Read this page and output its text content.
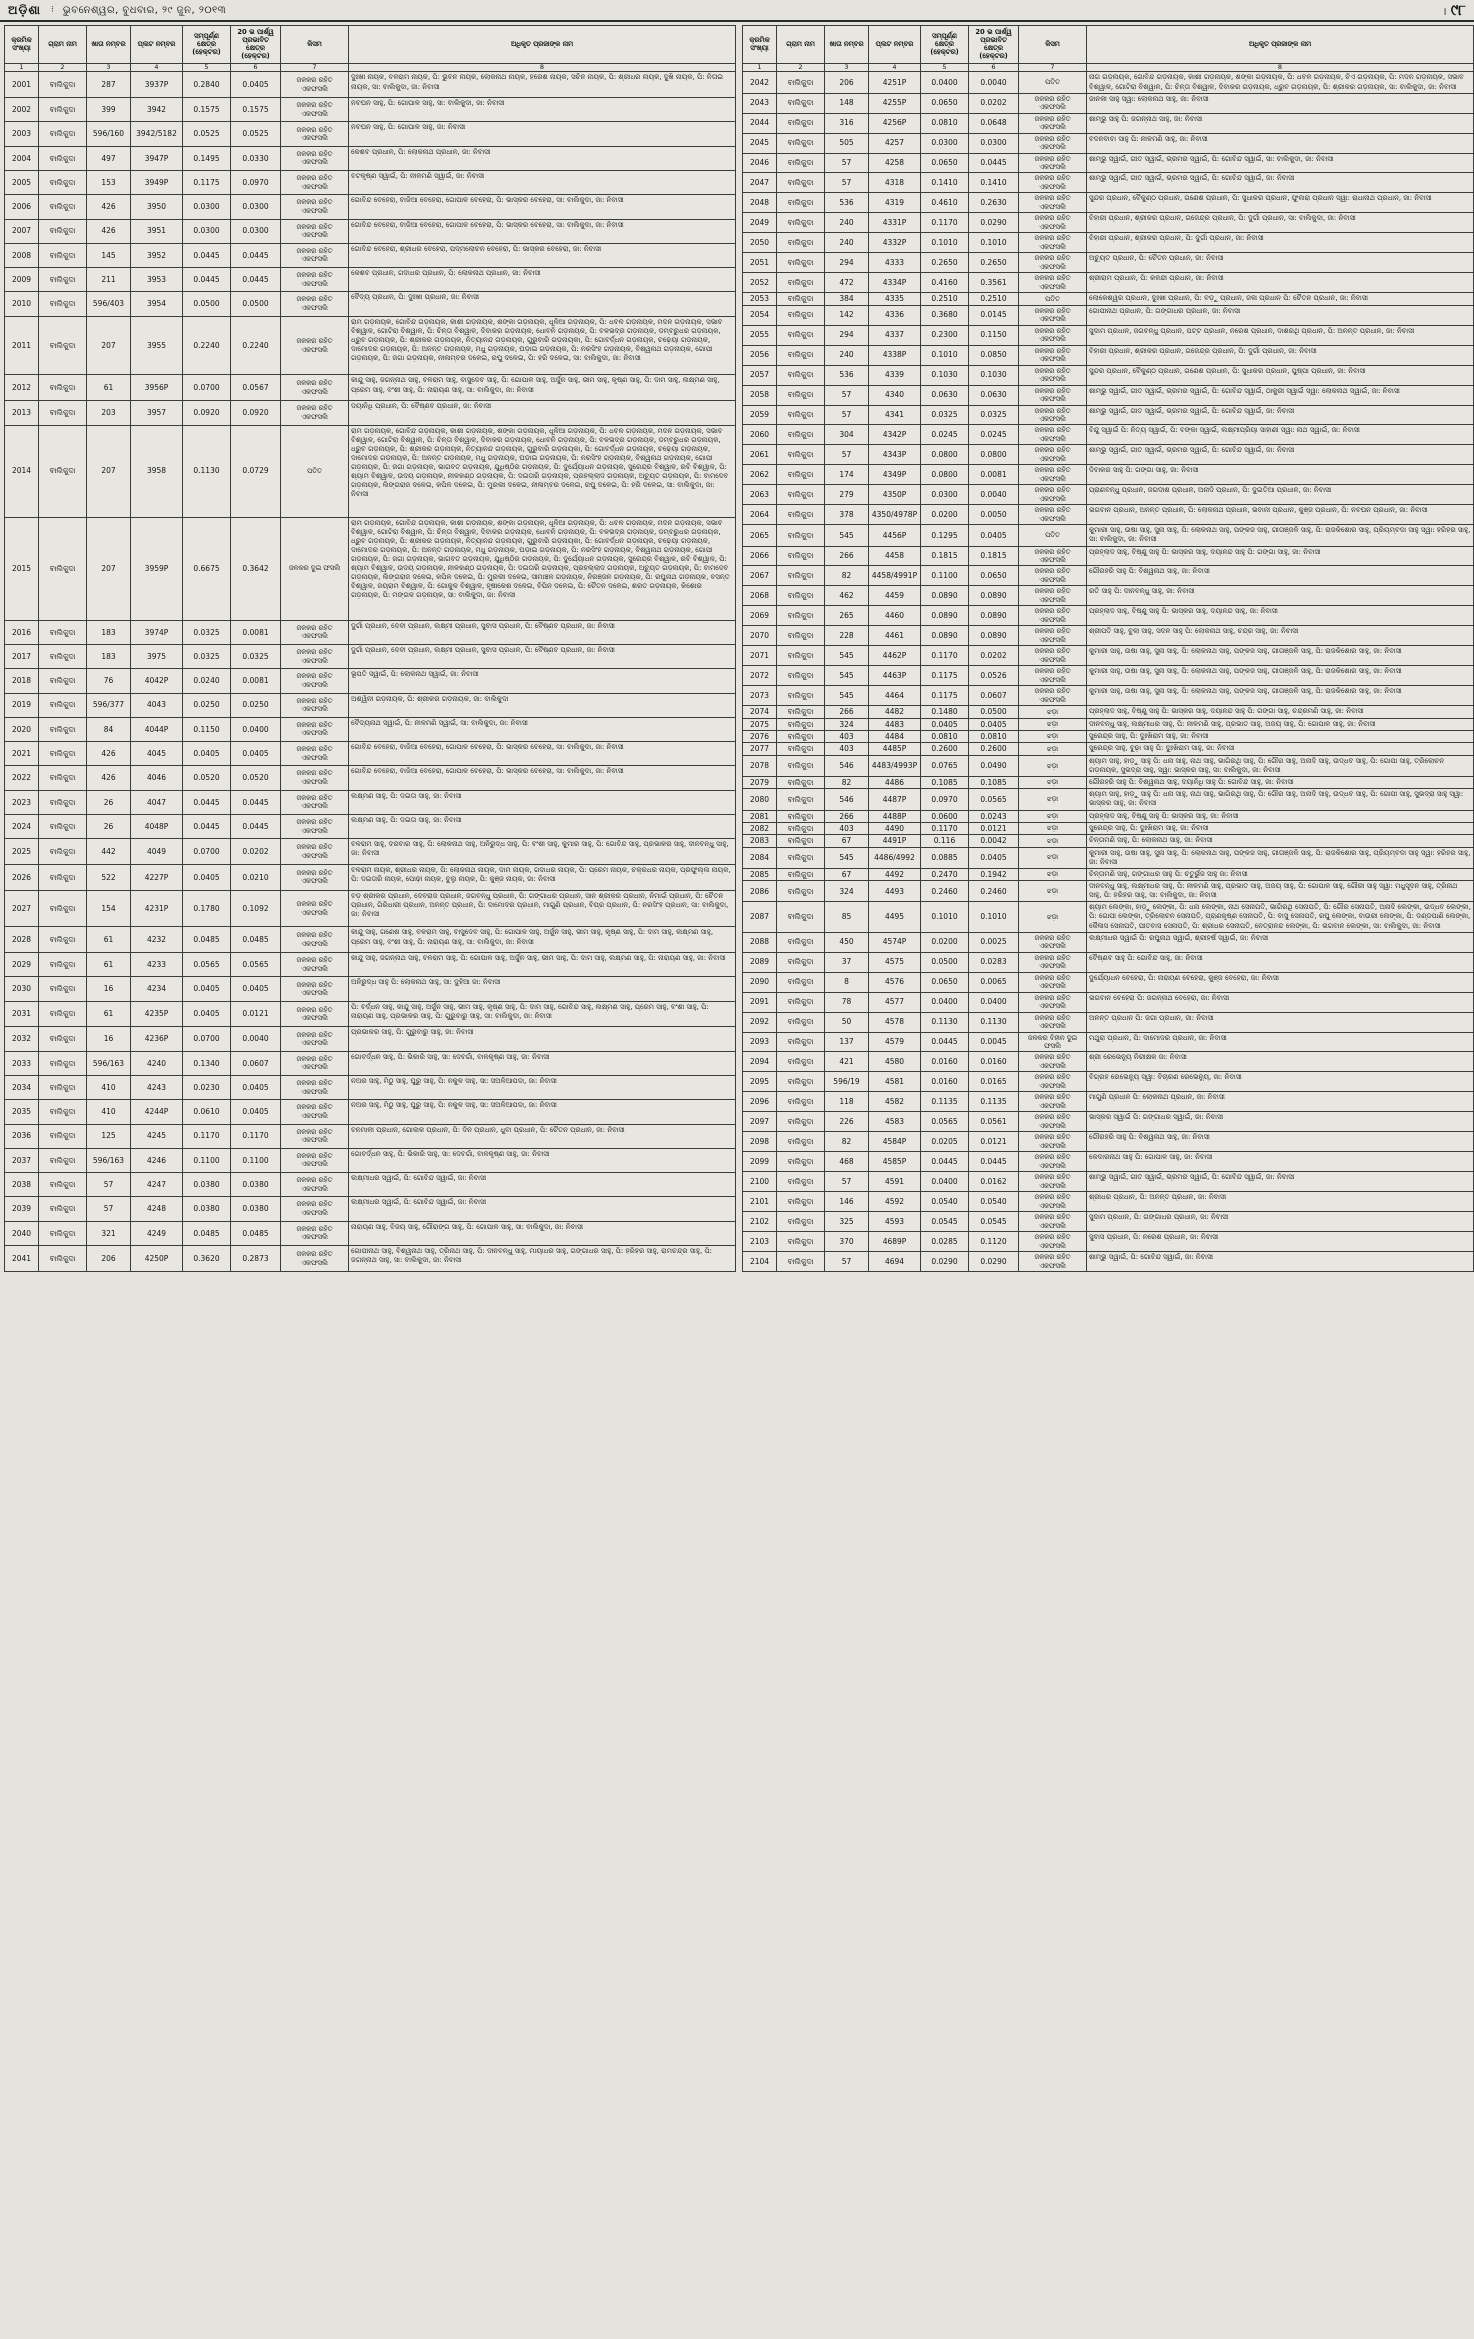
ଅଡ଼ିଶା ⁝ ଭୁବନେଶ୍ୱର, ବୁଧବାର, ୨୯ ଜୁନ, ୨୦୧୩	। ୯୮
କ୍ରମିକ ସଂଖ୍ୟା	ଗ୍ରାମ ନାମ	ଖାତା ନମ୍ବର	ପ୍ଲଟ ନମ୍ବର	ସମ୍ପୂର୍ଣ୍ଣ କ୍ଷେତ୍ର (ହେକ୍ଟର)	20 ଭ ପାର୍ଶ୍ୱ ପ୍ରଭାବିତ କ୍ଷେତ୍ର (ହେକ୍ଟର)	କିସମ	ଅଧିକୃତ ପ୍ରଜାଙ୍କ ନାମ
1	2	3	4	5	6	7	8
2001	ବାଲିକୁଦା	287	3937P	0.2840	0.0405	ଜଳକର ରହିତ ଏକଫସଲି	ଦୁଃଖୀ ନାୟକ, ବଳରାମ ନାୟକ, ପି: ଭୁବନ ନାୟକ, ଲୋକନାଥ ନାୟକ, ହରେଶ ନାୟକ, ସଚିନ ନାୟକ, ପି: ଶ୍ରୀଧର ନାୟକ, ଦୁଖି ନାୟକ, ପି: ନିତାଇ ନାୟକ, ସା: ବାଲିକୁଦା, ଜା: ନିବାସୀ
2002	ବାଲିକୁଦା	399	3942	0.1575	0.1575	ଜଳକର ରହିତ ଏକଫସଲି	ନବଘନ ସାହୁ, ପି: ଗୋପାଳ ସାହୁ, ସା: ବାଲିକୁଦା, ଜା: ନିବାସୀ
2003	ବାଲିକୁଦା	596/160	3942/5182	0.0525	0.0525	ଜଳକର ରହିତ ଏକଫସଲି	ନବଘନ ସାହୁ, ପି: ଗୋପାଳ ସାହୁ, ଜା: ନିବାସୀ
2004	ବାଲିକୁଦା	497	3947P	0.1495	0.0330	ଜଳକର ରହିତ ଏକଫସଲି	କେଶବ ପ୍ରଧାନ, ପି: ଲୋକନାଥ ପ୍ରଧାନ, ଜା: ନିବାସୀ
2005	ବାଲିକୁଦା	153	3949P	0.1175	0.0970	ଜଳକର ରହିତ ଏକଫସଲି	ବଟକୃଷ୍ଣ ସ୍ୱାଇଁ, ପି: ନୀଳମଣି ସ୍ୱାଇଁ, ଜା: ନିବାସୀ
2006	ବାଲିକୁଦା	426	3950	0.0300	0.0300	ଜଳକର ରହିତ ଏକଫସଲି	ଗୋବିନ୍ଦ ବେହେରା, ବାଜିଆ ବେହେରା, ଗୋପାଳ ବେହେରା, ପି: ଭାସ୍କର ବେହେରା, ସା: ବାଲିକୁଦା, ଜା: ନିବାସୀ
2007	ବାଲିକୁଦା	426	3951	0.0300	0.0300	ଜଳକର ରହିତ ଏକଫସଲି	ଗୋବିନ୍ଦ ବେହେରା, ବାଜିଆ ବେହେରା, ଗୋପାଳ ବେହେରା, ପି: ଭାସ୍କର ବେହେରା, ସା: ବାଲିକୁଦା, ଜା: ନିବାସୀ
2008	ବାଲିକୁଦା	145	3952	0.0445	0.0445	ଜଳକର ରହିତ ଏକଫସଲି	ଗୋବିନ୍ଦ ବେହେରା, ଶ୍ରୀଧର ବେହେରା, ପଦ୍ମଲୋଚନ ବେହେରା, ପି: ଭାସ୍କର ବେହେରା, ଜା: ନିବାସୀ
2009	ବାଲିକୁଦା	211	3953	0.0445	0.0445	ଜଳକର ରହିତ ଏକଫସଲି	କେଶବ ପ୍ରଧାନ, ଗଦାଧର ପ୍ରଧାନ, ପି: ଲୋକନାଥ ପ୍ରଧାନ, ଜା: ନିବାସୀ
2010	ବାଲିକୁଦା	596/403	3954	0.0500	0.0500	ଜଳକର ରହିତ ଏକଫସଲି	ବୈଦ୍ୟ ପ୍ରଧାନ, ପି: ଦୁଃଖୀ ପ୍ରଧାନ, ଜା: ନିବାସୀ
2011	ବାଲିକୁଦା	207	3955	0.2240	0.2240	ଜଳକର ରହିତ ଏକଫସଲି	ରାମ ଗଡ଼ନାୟକ, ଗୋବିନ୍ଦ ଗଡ଼ନାୟକ, କାଶୀ ଗଡ଼ନାୟକ, ଶଙ୍କା ଗଡ଼ନାୟକ, ଧୂଳିଆ ଗଡ଼ନାୟକ, ପି: ଧବଳ ଗଡ଼ନାୟକ, ମଦନ ଗଡ଼ନାୟକ, ସଭାବ ବିଶ୍ୱାଳ, ଗୋଟିରା ବିଶ୍ୱାଳ, ପି: ଚିନ୍ତା ବିଶ୍ୱାଳ, ଦିବାକର ଗଡ଼ନାୟକ, ଧୋବନି ଗଡ଼ନାୟକ, ପି: ବଳଭଦ୍ର ଗଡ଼ନାୟକ, ଡମ୍ବରୁଧର ଗଡ଼ନାୟକ, ଧ୍ରୁବ ଗଡ଼ନାୟକ, ପି: ଶ୍ରୀକର ଗଡ଼ନାୟକ, ନିତ୍ୟାନନ୍ଦ ଗଡ଼ନାୟକ, ଗୁରୁବାରି ଗଡ଼ନାୟକା, ପି: ଗୋବର୍ଦ୍ଧନ ଗଡ଼ନାୟକ, ଚଢ଼େୟା ଗଡ଼ନାୟକ, ଦାମୋଦର ଗଡ଼ନାୟକ, ପି: ଅନନ୍ତ ଗଡ଼ନାୟକ, ମଧୁ ଗଡ଼ନାୟକ, ଘଡ଼ାଇ ଗଡ଼ନାୟକ, ପି: ନରସିଂହ ଗଡ଼ନାୟକ, ବିଶ୍ୱନାଥ ଗଡ଼ନାୟକ, ଗୋପୀ ଗଡ଼ନାୟକ, ପି: ଜଗା ଗଡ଼ନାୟକ, ନୀଳାମ୍ବର ଦଳେଇ, ରଘୁ ଦଳେଇ, ପି: ହରି ଦଳେଇ, ସା: ବାଲିକୁଦା, ଜା: ନିବାସୀ
2012	ବାଲିକୁଦା	61	3956P	0.0700	0.0567	ଜଳକର ରହିତ ଏକଫସଲି	କାନ୍ଦୁ ସାହୁ, ଜଗନ୍ନାଥ ସାହୁ, ବଳରାମ ସାହୁ, ବାସୁଦେବ ସାହୁ, ପି: ଗୋପାଳ ସାହୁ, ଅର୍ଜୁନ ସାହୁ, ଭୀମ ସାହୁ, କୃଷ୍ଣ ସାହୁ, ପି: ଦାମ ସାହୁ, ଲକ୍ଷ୍ମଣ ସାହୁ, ପ୍ରେମ ସାହୁ, ବଂଶୀ ସାହୁ, ପି: ନାରାୟଣ ସାହୁ, ସା: ବାଲିକୁଦା, ଜା: ନିବାସୀ
2013	ବାଲିକୁଦା	203	3957	0.0920	0.0920	ଜଳକର ରହିତ ଏକଫସଲି	ଦୟାନିଧି ପ୍ରଧାନ, ପି: ବୈଷ୍ଣବ ପ୍ରଧାନ, ଜା: ନିବାସୀ
2014	ବାଲିକୁଦା	207	3958	0.1130	0.0729	ପତିତ	ରାମ ଗଡ଼ନାୟକ, ଗୋବିନ୍ଦ ଗଡ଼ନାୟକ, କାଶୀ ଗଡ଼ନାୟକ, ଶଙ୍କା ଗଡ଼ନାୟକ, ଧୂଳିଆ ଗଡ଼ନାୟକ, ପି: ଧବଳ ଗଡ଼ନାୟକ, ମଦନ ଗଡ଼ନାୟକ, ସଭାବ ବିଶ୍ୱାଳ, ଗୋଟିରା ବିଶ୍ୱାଳ, ପି: ଚିନ୍ତା ବିଶ୍ୱାଳ, ଦିବାକର ଗଡ଼ନାୟକ, ଧୋବନି ଗଡ଼ନାୟକ, ପି: ବଳଭଦ୍ର ଗଡ଼ନାୟକ, ଡମ୍ବରୁଧର ଗଡ଼ନାୟକ, ଧ୍ରୁବ ଗଡ଼ନାୟକ, ପି: ଶ୍ରୀକର ଗଡ଼ନାୟକ, ନିତ୍ୟାନନ୍ଦ ଗଡ଼ନାୟକ, ଗୁରୁବାରି ଗଡ଼ନାୟକା, ପି: ଗୋବର୍ଦ୍ଧନ ଗଡ଼ନାୟକ, ଚଢ଼େୟା ଗଡ଼ନାୟକ, ଦାମୋଦର ଗଡ଼ନାୟକ, ପି: ଅନନ୍ତ ଗଡ଼ନାୟକ, ମଧୁ ଗଡ଼ନାୟକ, ଘଡ଼ାଇ ଗଡ଼ନାୟକ, ପି: ନରସିଂହ ଗଡ଼ନାୟକ, ବିଶ୍ୱନାଥ ଗଡ଼ନାୟକ, ଗୋପୀ ଗଡ଼ନାୟକ, ପି: ଜଗା ଗଡ଼ନାୟକ, ଭାଗବତ ଗଡ଼ନାୟକ, ଯୁଧିଷ୍ଠିର ଗଡ଼ନାୟକ, ପି: ଦୁର୍ଯ୍ୟୋଧନ ଗଡ଼ନାୟକ, ସୁରେନ୍ଦ୍ର ବିଶ୍ୱାଳ, ରବି ବିଶ୍ୱାଳ, ପି: ଶ୍ୟାମ ବିଶ୍ୱାଳ, ଉଦୟ ଗଡ଼ନାୟକ, ନୀଳକଣ୍ଠ ଗଡ଼ନାୟକ, ପି: ଦଇତାରି ଗଡ଼ନାୟକ, ପ୍ରହଲ୍ଲାଦ ଗଡ଼ନାୟକ, ଅଚ୍ୟୁତ ଗଡ଼ନାୟକ, ପି: ବାମଦେବ ଗଡ଼ନାୟକ, ଲିଙ୍ଗରାଜ ଦଳେଇ, କପିଳ ଦଳେଇ, ପି: ମୁରଲୀ ଦଳେଇ, ନୀଳାମ୍ବର ଦଳେଇ, ରଘୁ ଦଳେଇ, ପି: ହରି ଦଳେଇ, ସା: ବାଲିକୁଦା, ଜା: ନିବାସୀ
2015	ବାଲିକୁଦା	207	3959P	0.6675	0.3642	ଜଳକର ଦୁଇ ଫସଲି	ରାମ ଗଡ଼ନାୟକ, ଗୋବିନ୍ଦ ଗଡ଼ନାୟକ, କାଶୀ ଗଡ଼ନାୟକ, ଶଙ୍କା ଗଡ଼ନାୟକ, ଧୂଳିଆ ଗଡ଼ନାୟକ, ପି: ଧବଳ ଗଡ଼ନାୟକ, ମଦନ ଗଡ଼ନାୟକ, ସଭାବ ବିଶ୍ୱାଳ, ଗୋଟିରା ବିଶ୍ୱାଳ, ପି: ଚିନ୍ତା ବିଶ୍ୱାଳ, ଦିବାକର ଗଡ଼ନାୟକ, ଧୋବନି ଗଡ଼ନାୟକ, ପି: ବଳଭଦ୍ର ଗଡ଼ନାୟକ, ଡମ୍ବରୁଧର ଗଡ଼ନାୟକ, ଧ୍ରୁବ ଗଡ଼ନାୟକ, ପି: ଶ୍ରୀକର ଗଡ଼ନାୟକ, ନିତ୍ୟାନନ୍ଦ ଗଡ଼ନାୟକ, ଗୁରୁବାରି ଗଡ଼ନାୟକା, ପି: ଗୋବର୍ଦ୍ଧନ ଗଡ଼ନାୟକ, ଚଢ଼େୟା ଗଡ଼ନାୟକ, ଦାମୋଦର ଗଡ଼ନାୟକ, ପି: ଅନନ୍ତ ଗଡ଼ନାୟକ, ମଧୁ ଗଡ଼ନାୟକ, ଘଡ଼ାଇ ଗଡ଼ନାୟକ, ପି: ନରସିଂହ ଗଡ଼ନାୟକ, ବିଶ୍ୱନାଥ ଗଡ଼ନାୟକ, ଗୋପୀ ଗଡ଼ନାୟକ, ପି: ଜଗା ଗଡ଼ନାୟକ, ଭାଗବତ ଗଡ଼ନାୟକ, ଯୁଧିଷ୍ଠିର ଗଡ଼ନାୟକ, ପି: ଦୁର୍ଯ୍ୟୋଧନ ଗଡ଼ନାୟକ, ସୁରେନ୍ଦ୍ର ବିଶ୍ୱାଳ, ରବି ବିଶ୍ୱାଳ, ପି: ଶ୍ୟାମ ବିଶ୍ୱାଳ, ଉଦୟ ଗଡ଼ନାୟକ, ନୀଳକଣ୍ଠ ଗଡ଼ନାୟକ, ପି: ଦଇତାରି ଗଡ଼ନାୟକ, ପ୍ରହଲ୍ଲାଦ ଗଡ଼ନାୟକ, ଅଚ୍ୟୁତ ଗଡ଼ନାୟକ, ପି: ବାମଦେବ ଗଡ଼ନାୟକ, ଲିଙ୍ଗରାଜ ଦଳେଇ, କପିଳ ଦଳେଇ, ପି: ମୁରଲୀ ଦଳେଇ, ସୀମାଞ୍ଚଳ ଗଡ଼ନାୟକ, ନିରଞ୍ଜନ ଗଡ଼ନାୟକ, ପି: ରଘୁନାଥ ଗଡ଼ନାୟକ, ବସନ୍ତ ବିଶ୍ୱାଳ, ଜୟରାମ ବିଶ୍ୱାଳ, ପି: ଗୋକୁଳ ବିଶ୍ୱାଳ, ହୃଷୀକେଶ ଦଳେଇ, ବିପିନ ଦଳେଇ, ପି: ଚୈତନ ଦଳେଇ, ଶରତ ଗଡ଼ନାୟକ, କିଶୋର ଗଡ଼ନାୟକ, ପି: ମଙ୍ଗଳ ଗଡ଼ନାୟକ, ସା: ବାଲିକୁଦା, ଜା: ନିବାସୀ
2016	ବାଲିକୁଦା	183	3974P	0.0325	0.0081	ଜଳକର ରହିତ ଏକଫସଲି	ଦୁର୍ଗା ପ୍ରଧାନ, ଦେବୀ ପ୍ରଧାନ, ଲକ୍ଷ୍ମୀ ପ୍ରଧାନ, ସୁବାସ ପ୍ରଧାନ, ପି: ବୈଷ୍ଣବ ପ୍ରଧାନ, ଜା: ନିବାସୀ
2017	ବାଲିକୁଦା	183	3975	0.0325	0.0325	ଜଳକର ରହିତ ଏକଫସଲି	ଦୁର୍ଗା ପ୍ରଧାନ, ଦେବୀ ପ୍ରଧାନ, ଲକ୍ଷ୍ମୀ ପ୍ରଧାନ, ସୁବାସ ପ୍ରଧାନ, ପି: ବୈଷ୍ଣବ ପ୍ରଧାନ, ଜା: ନିବାସୀ
2018	ବାଲିକୁଦା	76	4042P	0.0240	0.0081	ଜଳକର ରହିତ ଏକଫସଲି	ଭୂପତି ସ୍ୱାଇଁ, ପି: ଲୋକନାଥ ସ୍ୱାଇଁ, ଜା: ନିବାସୀ
2019	ବାଲିକୁଦା	596/377	4043	0.0250	0.0250	ଜଳକର ରହିତ ଏକଫସଲି	ଅଶ୍ୱିନୀ ଗଡ଼ନାୟକ, ପି: ଶ୍ରୀକର ଗଡ଼ନାୟକ, ଜା: ବାଲିକୁଦା
2020	ବାଲିକୁଦା	84	4044P	0.1150	0.0400	ଜଳକର ରହିତ ଏକଫସଲି	ବୈଦ୍ୟନାଥ ସ୍ୱାଇଁ, ପି: ନୀଳମଣି ସ୍ୱାଇଁ, ସା: ବାଲିକୁଦା, ଜା: ନିବାସୀ
2021	ବାଲିକୁଦା	426	4045	0.0405	0.0405	ଜଳକର ରହିତ ଏକଫସଲି	ଗୋବିନ୍ଦ ବେହେରା, ବାଜିଆ ବେହେରା, ଗୋପାଳ ବେହେରା, ପି: ଭାସ୍କର ବେହେରା, ସା: ବାଲିକୁଦା, ଜା: ନିବାସୀ
2022	ବାଲିକୁଦା	426	4046	0.0520	0.0520	ଜଳକର ରହିତ ଏକଫସଲି	ଗୋବିନ୍ଦ ବେହେରା, ବାଜିଆ ବେହେରା, ଗୋପାଳ ବେହେରା, ପି: ଭାସ୍କର ବେହେରା, ସା: ବାଲିକୁଦା, ଜା: ନିବାସୀ
2023	ବାଲିକୁଦା	26	4047	0.0445	0.0445	ଜଳକର ରହିତ ଏକଫସଲି	ଲକ୍ଷ୍ମଣ ସାହୁ, ପି: ଦଇତା ସାହୁ, ଜା: ନିବାସୀ
2024	ବାଲିକୁଦା	26	4048P	0.0445	0.0445	ଜଳକର ରହିତ ଏକଫସଲି	ଲକ୍ଷ୍ମଣ ସାହୁ, ପି: ଦଇତା ସାହୁ, ଜା: ନିବାସୀ
2025	ବାଲିକୁଦା	442	4049	0.0700	0.0202	ଜଳକର ରହିତ ଏକଫସଲି	ବଳରାମ ସାହୁ, ଦରବାର ସାହୁ, ପି: ଲୋକନାଥ ସାହୁ, ଅନିରୁଦ୍ଧ ସାହୁ, ପି: ବଂଶୀ ସାହୁ, କୁମାର ସାହୁ, ପି: ଗୋବିନ୍ଦ ସାହୁ, ପ୍ରଭାକର ସାହୁ, ଦୀନବନ୍ଧୁ ସାହୁ, ଜା: ନିବାସୀ
2026	ବାଲିକୁଦା	522	4227P	0.0405	0.0210	ଜଳକର ରହିତ ଏକଫସଲି	ବଳରାମ ନାୟକ, ଶ୍ରୀଧର ନାୟକ, ପି: ଲୋକନାଥ ନାୟକ, ଦାମ ନାୟକ, ଗଦାଧର ନାୟକ, ପି: ପ୍ରେମ ନାୟକ, ଚକ୍ରଧର ନାୟକ, ପ୍ରଫୁଲ୍ଲ ନାୟକ, ପି: ଦଇତାରି ନାୟକ, ପୋଢ଼ୀ ନାୟକ, ବୁଲୁ ନାୟକ, ପି: କୁଞ୍ଜ ନାୟକ, ଜା: ନିବାସୀ
2027	ବାଲିକୁଦା	154	4231P	0.1780	0.1092	ଜଳକର ରହିତ ଏକଫସଲି	ବଡ଼ ଶ୍ରୀକର ପ୍ରଧାନ, ଦେବରାଜ ପ୍ରଧାନ, ଜଗବନ୍ଧୁ ପ୍ରଧାନ, ପି: ଗଙ୍ଗାଧର ପ୍ରଧାନ, ସାନ ଶ୍ରୀକର ପ୍ରଧାନ, ନିମାଇଁ ପ୍ରଧାନ, ପି: ଚୈତନ ପ୍ରଧାନ, ଗିରିଧାରୀ ପ୍ରଧାନ, ଅନନ୍ତ ପ୍ରଧାନ, ପି: ଦାମୋଦର ପ୍ରଧାନ, ମାଗୁଣି ପ୍ରଧାନ, ବିପ୍ର ପ୍ରଧାନ, ପି: ନରସିଂହ ପ୍ରଧାନ, ସା: ବାଲିକୁଦା, ଜା: ନିବାସୀ
2028	ବାଲିକୁଦା	61	4232	0.0485	0.0485	ଜଳକର ରହିତ ଏକଫସଲି	କାନ୍ଦୁ ସାହୁ, ଗଣେଶ ସାହୁ, ବଳରାମ ସାହୁ, ବାସୁଦେବ ସାହୁ, ପି: ଗୋପାଳ ସାହୁ, ଅର୍ଜୁନ ସାହୁ, ଭୀମ ସାହୁ, କୃଷ୍ଣ ସାହୁ, ପି: ଦାମ ସାହୁ, ଲକ୍ଷ୍ମଣ ସାହୁ, ପ୍ରେମ ସାହୁ, ବଂଶୀ ସାହୁ, ପି: ନାରାୟଣ ସାହୁ, ସା: ବାଲିକୁଦା, ଜା: ନିବାସୀ
2029	ବାଲିକୁଦା	61	4233	0.0565	0.0565	ଜଳକର ରହିତ ଏକଫସଲି	କାନ୍ଦୁ ସାହୁ, ଜଗନ୍ନାଥ ସାହୁ, ବଳରାମ ସାହୁ, ପି: ଗୋପାଳ ସାହୁ, ଅର୍ଜୁନ ସାହୁ, ଭୀମ ସାହୁ, ପି: ଦାମ ସାହୁ, ଲକ୍ଷ୍ମଣ ସାହୁ, ପି: ନାରାୟଣ ସାହୁ, ଜା: ନିବାସୀ
2030	ବାଲିକୁଦା	16	4234	0.0405	0.0405	ଜଳକର ରହିତ ଏକଫସଲି	ଅନିରୁଦ୍ଧ ସାହୁ ପି: ଲୋକନାଥ ସାହୁ, ସା: ଦୁହିଆ ଜା: ନିବାସୀ
2031	ବାଲିକୁଦା	61	4235P	0.0405	0.0121	ଜଳକର ରହିତ ଏକଫସଲି	ପି: ବର୍ଦ୍ଧନ ସାହୁ, କାନ୍ଦୁ ସାହୁ, ଅର୍ଜୁନ ସାହୁ, ଭୀମ ସାହୁ, କୃଷ୍ଣ ସାହୁ, ପି: ଦାମ ସାହୁ, ଗୋବିନ୍ଦ ସାହୁ, ଲକ୍ଷ୍ମଣ ସାହୁ, ପ୍ରେମ ସାହୁ, ବଂଶୀ ସାହୁ, ପି: ନାରାୟଣ ସାହୁ, ପ୍ରଭାକର ସାହୁ, ପି: ଗୁରୁବାରୁ ସାହୁ, ସା: ବାଲିକୁଦା, ଜା: ନିବାସୀ
2032	ବାଲିକୁଦା	16	4236P	0.0700	0.0040	ଜଳକର ରହିତ ଏକଫସଲି	ପ୍ରଭାକର ସାହୁ, ପି: ଗୁରୁବାରୁ ସାହୁ, ଜା: ନିବାସୀ
2033	ବାଲିକୁଦା	596/163	4240	0.1340	0.0607	ଜଳକର ରହିତ ଏକଫସଲି	ଗୋବର୍ଦ୍ଧନ ସାହୁ, ପି: ଭିକାରି ସାହୁ, ସା: ଦେବଗାଁ, ବାଳକୃଷ୍ଣ ସାହୁ, ଜା: ନିବାସୀ
2034	ବାଲିକୁଦା	410	4243	0.0230	0.0405	ଜଳକର ରହିତ ଏକଫସଲି	ନଅର ସାହୁ, ମିଠୁ ସାହୁ, ଘୁରୁ ସାହୁ, ପି: ନକୁଳ ସାହୁ, ସା: ସଅଳିଆପଦା, ଜା: ନିବାସୀ
2035	ବାଲିକୁଦା	410	4244P	0.0610	0.0405	ଜଳକର ରହିତ ଏକଫସଲି	ନଅର ସାହୁ, ମିଠୁ ସାହୁ, ଘୁରୁ ସାହୁ, ପି: ନକୁଳ ସାହୁ, ସା: ସଅଳିଆପଦା, ଜା: ନିବାସୀ
2036	ବାଲିକୁଦା	125	4245	0.1170	0.1170	ଜଳକର ରହିତ ଏକଫସଲି	ବନମାଳୀ ପ୍ରଧାନ, ଗୋଲକ ପ୍ରଧାନ, ପି: ଦିନ ପ୍ରଧାନ, ଧୁବା ପ୍ରଧାନ, ପି: ଚୈତନ ପ୍ରଧାନ, ଜା: ନିବାସୀ
2037	ବାଲିକୁଦା	596/163	4246	0.1100	0.1100	ଜଳକର ରହିତ ଏକଫସଲି	ଗୋବର୍ଦ୍ଧନ ସାହୁ, ପି: ଭିକାରି ସାହୁ, ସା: ଦେବଗାଁ, ବାଳକୃଷ୍ଣ ସାହୁ, ଜା: ନିବାସୀ
2038	ବାଲିକୁଦା	57	4247	0.0380	0.0380	ଜଳକର ରହିତ ଏକଫସଲି	ଲକ୍ଷ୍ମୀଧର ସ୍ୱାଇଁ, ପି: ଗୋବିନ୍ଦ ସ୍ୱାଇଁ, ଜା: ନିବାସୀ
2039	ବାଲିକୁଦା	57	4248	0.0380	0.0380	ଜଳକର ରହିତ ଏକଫସଲି	ଲକ୍ଷ୍ମୀଧର ସ୍ୱାଇଁ, ପି: ଗୋବିନ୍ଦ ସ୍ୱାଇଁ, ଜା: ନିବାସୀ
2040	ବାଲିକୁଦା	321	4249	0.0485	0.0485	ଜଳକର ରହିତ ଏକଫସଲି	ନାରାୟଣ ସାହୁ, ବିଜୟ ସାହୁ, ଗୌରାଙ୍ଗ ସାହୁ, ପି: ଗୋପାଳ ସାହୁ, ସା: ବାଲିକୁଦା, ଜା: ନିବାସୀ
2041	ବାଲିକୁଦା	206	4250P	0.3620	0.2873	ଜଳକର ରହିତ ଏକଫସଲି	ଗୋପୀନାଥ ସାହୁ, ବିଶ୍ୱନାଥ ସାହୁ, ତ୍ରିନାଥ ସାହୁ, ପି: ଦୀନବନ୍ଧୁ ସାହୁ, ମାୟାଧର ସାହୁ, ଗଙ୍ଗାଧର ସାହୁ, ପି: ହରିହର ସାହୁ, ରାମଚନ୍ଦ୍ର ସାହୁ, ପି: ଜଗନ୍ନାଥ ସାହୁ, ସା: ବାଲିକୁଦା, ଜା: ନିବାସୀ
କ୍ରମିକ ସଂଖ୍ୟା	ଗ୍ରାମ ନାମ	ଖାତା ନମ୍ବର	ପ୍ଲଟ ନମ୍ବର	ସମ୍ପୂର୍ଣ୍ଣ କ୍ଷେତ୍ର (ହେକ୍ଟର)	20 ଭ ପାର୍ଶ୍ୱ ପ୍ରଭାବିତ କ୍ଷେତ୍ର (ହେକ୍ଟର)	କିସମ	ଅଧିକୃତ ପ୍ରଜାଙ୍କ ନାମ
1	2	3	4	5	6	7	8
2042	ବାଲିକୁଦା	206	4251P	0.0400	0.0040	ପତିତ	ନାଗ ଗଡ଼ନାୟକ, ଗୋବିନ୍ଦ ଗଡ଼ନାୟକ, କାଶୀ ଗଡ଼ନାୟକ, ଶଙ୍କା ଗଡ଼ନାୟକ, ପି: ଧବଳ ଗଡ଼ନାୟକ, ଚିଏ ଗଡ଼ନାୟକ, ପି: ମଦନ ଗଡ଼ନାୟକ, ସଭାବ ବିଶ୍ୱାଳ, ଗୋଟିରା ବିଶ୍ୱାଳ, ପି: ଚିନ୍ତା ବିଶ୍ୱାଳ, ଦିବାକର ଗଡ଼ନାୟକ, ଧ୍ରୁବ ଗଡ଼ନାୟକ, ପି: ଶ୍ରୀକର ଗଡ଼ନାୟକ, ସା: ବାଲିକୁଦା, ଜା: ନିବାସୀ
2043	ବାଲିକୁଦା	148	4255P	0.0650	0.0202	ଜଳକର ରହିତ ଏକଫସଲି	ଜାନକୀ ସାହୁ ସ୍ୱା: ଲୋକନାଥ ସାହୁ, ଜା: ନିବାସୀ
2044	ବାଲିକୁଦା	316	4256P	0.0810	0.0648	ଜଳକର ରହିତ ଏକଫସଲି	ଶାମ୍ଭୁ ସାହୁ ପି: ଜଗନ୍ନାଥ ସାହୁ, ଜା: ନିବାସୀ
2045	ବାଲିକୁଦା	505	4257	0.0300	0.0300	ଜଳକର ରହିତ ଏକଫସଲି	ବଦନବାବା ସାହୁ ପି: ନୀଳମଣି ସାହୁ, ଜା: ନିବାସୀ
2046	ବାଲିକୁଦା	57	4258	0.0650	0.0445	ଜଳକର ରହିତ ଏକଫସଲି	ଶାମ୍ଭୁ ସ୍ୱାଇଁ, ଗୀତ ସ୍ୱାଇଁ, ଭ୍ରମର ସ୍ୱାଇଁ, ପି: ଗୋବିନ୍ଦ ସ୍ୱାଇଁ, ସା: ବାଲିକୁଦା, ଜା: ନିବାସୀ
2047	ବାଲିକୁଦା	57	4318	0.1410	0.1410	ଜଳକର ରହିତ ଏକଫସଲି	ଶାମ୍ଭୁ ସ୍ୱାଇଁ, ଗୀତ ସ୍ୱାଇଁ, ଭ୍ରମର ସ୍ୱାଇଁ, ପି: ଗୋବିନ୍ଦ ସ୍ୱାଇଁ, ଜା: ନିବାସୀ
2048	ବାଲିକୁଦା	536	4319	0.4610	0.2630	ଜଳକର ରହିତ ଏକଫସଲି	ସୁନ୍ଦର ପ୍ରଧାନ, ବୈକୁଣ୍ଠ ପ୍ରଧାନ, ଗଣେଶ ପ୍ରଧାନ, ପି: ସୁଧାକର ପ୍ରଧାନ, ଫୁଲରା ପ୍ରଧାନ ସ୍ୱା: ରାଧାନାଥ ପ୍ରଧାନ, ଜା: ନିବାସୀ
2049	ବାଲିକୁଦା	240	4331P	0.1170	0.0290	ଜଳକର ରହିତ ଏକଫସଲି	ବିହାରୀ ପ୍ରଧାନ, ଶ୍ରୀକର ପ୍ରଧାନ, ଗଜେନ୍ଦ୍ର ପ୍ରଧାନ, ପି: ଦୁର୍ଗା ପ୍ରଧାନ, ସା: ବାଲିକୁଦା, ଜା: ନିବାସୀ
2050	ବାଲିକୁଦା	240	4332P	0.1010	0.1010	ଜଳକର ରହିତ ଏକଫସଲି	ବିହାରୀ ପ୍ରଧାନ, ଶ୍ରୀକର ପ୍ରଧାନ, ପି: ଦୁର୍ଗା ପ୍ରଧାନ, ଜା: ନିବାସୀ
2051	ବାଲିକୁଦା	294	4333	0.2650	0.2650	ଜଳକର ରହିତ ଏକଫସଲି	ଅଚ୍ୟୁତ ପ୍ରଧାନ, ପି: ଚୈତନ ପ୍ରଧାନ, ଜା: ନିବାସୀ
2052	ବାଲିକୁଦା	472	4334P	0.4160	0.3561	ଜଳକର ରହିତ ଏକଫସଲି	ଶ୍ରୀରାମ ପ୍ରଧାନ, ପି: କଳନ୍ଦୀ ପ୍ରଧାନ, ଜା: ନିବାସୀ
2053	ବାଲିକୁଦା	384	4335	0.2510	0.2510	ପତିତ	ଲୋକେଶ୍ୱର ପ୍ରଧାନ, ଦୁଃଖୀ ପ୍ରଧାନ, ପି: ବଡ଼ୁ ପ୍ରଧାନ, ଜଳା ପ୍ରଧାନ ପି: ଚୈତନ ପ୍ରଧାନ, ଜା: ନିବାସୀ
2054	ବାଲିକୁଦା	142	4336	0.3680	0.0145	ଜଳକର ରହିତ ଏକଫସଲି	ଗୋପୀନାଥ ପ୍ରଧାନ, ପି: ଗଙ୍ଗାଧର ପ୍ରଧାନ, ଜା: ନିବାସୀ
2055	ବାଲିକୁଦା	294	4337	0.2300	0.1150	ଜଳକର ରହିତ ଏକଫସଲି	ସୁଦାମ ପ୍ରଧାନ, ଜଗବନ୍ଧୁ ପ୍ରଧାନ, ପଟ୍ଟ ପ୍ରଧାନ, ନରେଶ ପ୍ରଧାନ, ଦାଶରଥି ପ୍ରଧାନ, ପି: ଅନନ୍ତ ପ୍ରଧାନ, ଜା: ନିବାସୀ
2056	ବାଲିକୁଦା	240	4338P	0.1010	0.0850	ଜଳକର ରହିତ ଏକଫସଲି	ବିହାରୀ ପ୍ରଧାନ, ଶ୍ରୀକର ପ୍ରଧାନ, ଗଜେନ୍ଦ୍ର ପ୍ରଧାନ, ପି: ଦୁର୍ଗା ପ୍ରଧାନ, ଜା: ନିବାସୀ
2057	ବାଲିକୁଦା	536	4339	0.1030	0.1030	ଜଳକର ରହିତ ଏକଫସଲି	ସୁନ୍ଦର ପ୍ରଧାନ, ବୈକୁଣ୍ଠ ପ୍ରଧାନ, ଗଣେଶ ପ୍ରଧାନ, ପି: ସୁଧାକର ପ୍ରଧାନ, ପୁଷ୍ପା ପ୍ରଧାନ, ଜା: ନିବାସୀ
2058	ବାଲିକୁଦା	57	4340	0.0630	0.0630	ଜଳକର ରହିତ ଏକଫସଲି	ଶାମ୍ଭୁ ସ୍ୱାଇଁ, ଗୀତ ସ୍ୱାଇଁ, ଭ୍ରମର ସ୍ୱାଇଁ, ପି: ଗୋବିନ୍ଦ ସ୍ୱାଇଁ, ଠାକୁରୀ ସ୍ୱାଇଁ ସ୍ୱା: ଲୋକନାଥ ସ୍ୱାଇଁ, ଜା: ନିବାସୀ
2059	ବାଲିକୁଦା	57	4341	0.0325	0.0325	ଜଳକର ରହିତ ଏକଫସଲି	ଶାମ୍ଭୁ ସ୍ୱାଇଁ, ଗୀତ ସ୍ୱାଇଁ, ଭ୍ରମର ସ୍ୱାଇଁ, ପି: ଗୋବିନ୍ଦ ସ୍ୱାଇଁ, ଜା: ନିବାସୀ
2060	ବାଲିକୁଦା	304	4342P	0.0245	0.0245	ଜଳକର ରହିତ ଏକଫସଲି	ବିନ୍ଦୁ ସ୍ୱାଇଁ ପି: ନିତ୍ୟ ସ୍ୱାଇଁ, ପି: ବଙ୍କା ସ୍ୱାଇଁ, ଲକ୍ଷ୍ମୀପ୍ରିୟା ସାହାଣୀ ସ୍ୱା: ନାଥ ସ୍ୱାଇଁ, ଜା: ନିବାସୀ
2061	ବାଲିକୁଦା	57	4343P	0.0800	0.0800	ଜଳକର ରହିତ ଏକଫସଲି	ଶାମ୍ଭୁ ସ୍ୱାଇଁ, ଗୀତ ସ୍ୱାଇଁ, ଭ୍ରମର ସ୍ୱାଇଁ, ପି: ଗୋବିନ୍ଦ ସ୍ୱାଇଁ, ଜା: ନିବାସୀ
2062	ବାଲିକୁଦା	174	4349P	0.0800	0.0081	ଜଳକର ରହିତ ଏକଫସଲି	ଦିବାକର ସାହୁ ପି: ଗଙ୍ଗା ସାହୁ, ଜା: ନିବାସୀ
2063	ବାଲିକୁଦା	279	4350P	0.0300	0.0040	ଜଳକର ରହିତ ଏକଫସଲି	ପ୍ରାଣବନ୍ଧୁ ପ୍ରଧାନ, ଜଗଦୀଶ ପ୍ରଧାନ, ଅନାଦି ପ୍ରଧାନ, ପି: ଦୁଇତିଆ ପ୍ରଧାନ, ଜା: ନିବାସୀ
2064	ବାଲିକୁଦା	378	4350/4978P	0.0200	0.0050	ଜଳକର ରହିତ ଏକଫସଲି	ଭଗବାନ ପ୍ରଧାନ, ଅନନ୍ତ ପ୍ରଧାନ, ପି: ଲୋକନାଥ ପ୍ରଧାନ, ଭବାନୀ ପ୍ରଧାନ, କୁଞ୍ଜ ପ୍ରଧାନ, ପି: ନବଘନ ପ୍ରଧାନ, ଜା: ନିବାସୀ
2065	ବାଲିକୁଦା	545	4456P	0.1295	0.0405	ପତିତ	କୁମାରୀ ସାହୁ, ଉଷା ସାହୁ, ସୁନା ସାହୁ, ପି: ଲୋକନାଥ ସାହୁ, ପଙ୍କଜ ସାହୁ, ଗୀତାଞ୍ଜଳି ସାହୁ, ପି: ରାଜକିଶୋର ସାହୁ, ପ୍ରିୟମ୍ବଦା ସାହୁ ସ୍ୱା: ହରିହର ସାହୁ, ସା: ବାଲିକୁଦା, ଜା: ନିବାସୀ
2066	ବାଲିକୁଦା	266	4458	0.1815	0.1815	ଜଳକର ରହିତ ଏକଫସଲି	ପ୍ରହ୍ଲାଦ ସାହୁ, ବିଷ୍ଣୁ ସାହୁ ପି: ଭାସ୍କର ସାହୁ, ଦୟାନନ୍ଦ ସାହୁ ପି: ଗଙ୍ଗା ସାହୁ, ଜା: ନିବାସୀ
2067	ବାଲିକୁଦା	82	4458/4991P	0.1100	0.0650	ଜଳକର ରହିତ ଏକଫସଲି	ଗୌରହରି ସାହୁ ପି: ବିଶ୍ୱନାଥ ସାହୁ, ଜା: ନିବାସୀ
2068	ବାଲିକୁଦା	462	4459	0.0890	0.0890	ଜଳକର ରହିତ ଏକଫସଲି	ରତି ସାହୁ ପି: ଦୀନବନ୍ଧୁ ସାହୁ, ଜା: ନିବାସୀ
2069	ବାଲିକୁଦା	265	4460	0.0890	0.0890	ଜଳକର ରହିତ ଏକଫସଲି	ପ୍ରହ୍ଲାଦ ସାହୁ, ବିଷ୍ଣୁ ସାହୁ ପି: ଭାସ୍କର ସାହୁ, ଦୟାନନ୍ଦ ସାହୁ, ଜା: ନିବାସୀ
2070	ବାଲିକୁଦା	228	4461	0.0890	0.0890	ଜଳକର ରହିତ ଏକଫସଲି	ଶ୍ରୀପତି ସାହୁ, ବୁଲା ସାହୁ, ସଦନ ସାହୁ ପି: ଲୋକନାଥ ସାହୁ, ଚନ୍ଦ୍ର ସାହୁ, ଜା: ନିବାସୀ
2071	ବାଲିକୁଦା	545	4462P	0.1170	0.0202	ଜଳକର ରହିତ ଏକଫସଲି	କୁମାରୀ ସାହୁ, ଉଷା ସାହୁ, ସୁନା ସାହୁ, ପି: ଲୋକନାଥ ସାହୁ, ପଙ୍କଜ ସାହୁ, ଗୀତାଞ୍ଜଳି ସାହୁ, ପି: ରାଜକିଶୋର ସାହୁ, ଜା: ନିବାସୀ
2072	ବାଲିକୁଦା	545	4463P	0.1175	0.0526	ଜଳକର ରହିତ ଏକଫସଲି	କୁମାରୀ ସାହୁ, ଉଷା ସାହୁ, ସୁନା ସାହୁ, ପି: ଲୋକନାଥ ସାହୁ, ପଙ୍କଜ ସାହୁ, ଗୀତାଞ୍ଜଳି ସାହୁ, ପି: ରାଜକିଶୋର ସାହୁ, ଜା: ନିବାସୀ
2073	ବାଲିକୁଦା	545	4464	0.1175	0.0607	ଜଳକର ରହିତ ଏକଫସଲି	କୁମାରୀ ସାହୁ, ଉଷା ସାହୁ, ସୁନା ସାହୁ, ପି: ଲୋକନାଥ ସାହୁ, ପଙ୍କଜ ସାହୁ, ଗୀତାଞ୍ଜଳି ସାହୁ, ପି: ରାଜକିଶୋର ସାହୁ, ଜା: ନିବାସୀ
2074	ବାଲିକୁଦା	266	4482	0.1480	0.0500	ଝଡ଼ା	ପ୍ରହ୍ଲାଦ ସାହୁ, ବିଷ୍ଣୁ ସାହୁ ପି: ଭାସ୍କର ସାହୁ, ଦୟାନନ୍ଦ ସାହୁ ପି: ଗଙ୍ଗା ସାହୁ, ଚନ୍ଦ୍ରମଣି ସାହୁ, ଜା: ନିବାସୀ
2075	ବାଲିକୁଦା	324	4483	0.0405	0.0405	ଝଡ଼ା	ଦୀନବନ୍ଧୁ ସାହୁ, ଲକ୍ଷ୍ମୀଧର ସାହୁ, ପି: ନୀଳମଣି ସାହୁ, ପ୍ରଭାତ ସାହୁ, ଅଜୟ ସାହୁ, ପି: ଗୋପାଳ ସାହୁ, ଜା: ନିବାସୀ
2076	ବାଲିକୁଦା	403	4484	0.0810	0.0810	ଝଡ଼ା	ସୁରେନ୍ଦ୍ର ସାହୁ, ପି: ଦୁଃଖିରାମ ସାହୁ, ଜା: ନିବାସୀ
2077	ବାଲିକୁଦା	403	4485P	0.2600	0.2600	ଝଡ଼ା	ସୁରେନ୍ଦ୍ର ସାହୁ, ବୁଢ଼ା ସାହୁ ପି: ଦୁଃଖିରାମ ସାହୁ, ଜା: ନିବାସୀ
2078	ବାଲିକୁଦା	546	4483/4993P	0.0765	0.0490	ଝଡ଼ା	ଶ୍ୟାମ ସାହୁ, ହାଡ଼ୁ ସାହୁ ପି: ଧନା ସାହୁ, ନାଥ ସାହୁ, ଭାଗିରଥି ସାହୁ, ପି: ଗୌର ସାହୁ, ଅନାଦି ସାହୁ, ଉଦ୍ଧବ ସାହୁ, ପି: ଗୋପୀ ସାହୁ, ତ୍ରିଲୋଚନ ଗଡ଼ନାୟକ, ସୁଭଦ୍ରା ସାହୁ, ସ୍ୱା: ଭାସ୍କର ସାହୁ, ସା: ବାଲିକୁଦା, ଜା: ନିବାସୀ
2079	ବାଲିକୁଦା	82	4486	0.1085	0.1085	ଝଡ଼ା	ଗୌରହରି ସାହୁ ପି: ବିଶ୍ୱନାଥ ସାହୁ, ଦୟାନିଧି ସାହୁ ପି: ଗୋବିନ୍ଦ ସାହୁ, ଜା: ନିବାସୀ
2080	ବାଲିକୁଦା	546	4487P	0.0970	0.0565	ଝଡ଼ା	ଶ୍ୟାମ ସାହୁ, ହାଡ଼ୁ ସାହୁ ପି: ଧନା ସାହୁ, ନାଥ ସାହୁ, ଭାଗିରଥି ସାହୁ, ପି: ଗୌର ସାହୁ, ଅନାଦି ସାହୁ, ଉଦ୍ଧବ ସାହୁ, ପି: ଗୋପୀ ସାହୁ, ସୁଭଦ୍ରା ସାହୁ ସ୍ୱା: ଭାସ୍କର ସାହୁ, ଜା: ନିବାସୀ
2081	ବାଲିକୁଦା	266	4488P	0.0600	0.0243	ଝଡ଼ା	ପ୍ରହ୍ଲାଦ ସାହୁ, ବିଷ୍ଣୁ ସାହୁ ପି: ଭାସ୍କର ସାହୁ, ଜା: ନିବାସୀ
2082	ବାଲିକୁଦା	403	4490	0.1170	0.0121	ଝଡ଼ା	ସୁରେନ୍ଦ୍ର ସାହୁ, ପି: ଦୁଃଖିରାମ ସାହୁ, ଜା: ନିବାସୀ
2083	ବାଲିକୁଦା	67	4491P	0.116	0.0042	ଝଡ଼ା	ଚିନ୍ତାମଣି ସାହୁ, ପି: ଲୋକନାଥ ସାହୁ, ଜା: ନିବାସୀ
2084	ବାଲିକୁଦା	545	4486/4992	0.0885	0.0405	ଝଡ଼ା	କୁମାରୀ ସାହୁ, ଉଷା ସାହୁ, ସୁନା ସାହୁ, ପି: ଲୋକନାଥ ସାହୁ, ପଙ୍କଜ ସାହୁ, ଗୀତାଞ୍ଜଳି ସାହୁ, ପି: ରାଜକିଶୋର ସାହୁ, ପ୍ରିୟମ୍ବଦା ସାହୁ ସ୍ୱା: ହରିହର ସାହୁ, ଜା: ନିବାସୀ
2085	ବାଲିକୁଦା	67	4492	0.2470	0.1942	ଝଡ଼ା	ଚିନ୍ତାମଣି ସାହୁ, ଗଙ୍ଗାଧର ସାହୁ ପି: ଚତୁର୍ଭୁଜ ସାହୁ ଜା: ନିବାସୀ
2086	ବାଲିକୁଦା	324	4493	0.2460	0.2460	ଝଡ଼ା	ଦୀନବନ୍ଧୁ ସାହୁ, ଲକ୍ଷ୍ମୀଧର ସାହୁ, ପି: ନୀଳମଣି ସାହୁ, ପ୍ରଭାତ ସାହୁ, ଅଜୟ ସାହୁ, ପି: ଗୋପାଳ ସାହୁ, ଗୌରୀ ସାହୁ ସ୍ୱା: ମଧୁସୂଦନ ସାହୁ, ତ୍ରିନାଥ ସାହୁ, ପି: ହରିହର ସାହୁ, ସା: ବାଲିକୁଦା, ଜା: ନିବାସୀ
2087	ବାଲିକୁଦା	85	4495	0.1010	0.1010	ଝଡ଼ା	ଶ୍ୟାମ ଲେଙ୍କା, ହାଡ଼ୁ ଲେଙ୍କା, ପି: ଧନା ଲେଙ୍କା, ନାଥ ସେନାପତି, ଭାଗିରଥି ସେନାପତି, ପି: ଗୌର ସେନାପତି, ଅନାଦି ଲେଙ୍କା, ଉଦ୍ଧବ ଲେଙ୍କା, ପି: ଗୋପୀ ଲେଙ୍କା, ତ୍ରିଲୋଚନ ସେନାପତି, ପ୍ରାଣକୃଷ୍ଣ ସେନାପତି, ପି: ବାସୁ ସେନାପତି, ରଘୁ ଲେଙ୍କା, ବାଉରୀ ଲେଙ୍କା, ପି: ଦଣ୍ଡପାଣି ଲେଙ୍କା, କୈଳାସ ସେନାପତି, ପୀତବାସ ସେନାପତି, ପି: ଶ୍ରୀଧର ସେନାପତି, ନେତ୍ରାନନ୍ଦ ଲେଙ୍କା, ପି: ଭଗବାନ ଲେଙ୍କା, ସା: ବାଲିକୁଦା, ଜା: ନିବାସୀ
2088	ବାଲିକୁଦା	450	4574P	0.0200	0.0025	ଜଳକର ରହିତ ଏକଫସଲି	ଲକ୍ଷ୍ମୀଧର ସ୍ୱାଇଁ ପି: ରଘୁନାଥ ସ୍ୱାଇଁ, ଶ୍ରୀହର୍ଷ ସ୍ୱାଇଁ, ଜା: ନିବାସୀ
2089	ବାଲିକୁଦା	37	4575	0.0500	0.0283	ଜଳକର ରହିତ ଏକଫସଲି	ବୈଷ୍ଣବ ସାହୁ ପି: ଗୋବିନ୍ଦ ସାହୁ, ଜା: ନିବାସୀ
2090	ବାଲିକୁଦା	8	4576	0.0650	0.0065	ଜଳକର ରହିତ ଏକଫସଲି	ଦୁର୍ଯ୍ୟୋଧନ ବେହେରା, ପି: ନାରାୟଣ ବେହେରା, କୁଞ୍ଜ ବେହେରା, ଜା: ନିବାସୀ
2091	ବାଲିକୁଦା	78	4577	0.0400	0.0400	ଜଳକର ରହିତ ଏକଫସଲି	ଭଗବାନ ବେହେରା ପି: ଜଗନ୍ନାଥ ବେହେରା, ଜା: ନିବାସୀ
2092	ବାଲିକୁଦା	50	4578	0.1130	0.1130	ଜଳକର ରହିତ ଏକଫସଲି	ଅନନ୍ତ ପ୍ରଧାନ ପି: ଜଗା ପ୍ରଧାନ, ଜା: ନିବାସୀ
2093	ବାଲିକୁଦା	137	4579	0.0445	0.0045	ଜଳକର ବିହୀନ ଦୁଇ ଫସଲି	ମଥୁରା ପ୍ରଧାନ, ପି: ଦାମୋଦର ପ୍ରଧାନ, ଜା: ନିବାସୀ
2094	ବାଲିକୁଦା	421	4580	0.0160	0.0160	ଜଳକର ରହିତ ଏକଫସଲି	ଶ୍ରୀ ରେଭେନ୍ୟୁ ନିରୀକ୍ଷକ ଜା: ନିବାସୀ
2095	ବାଲିକୁଦା	596/19	4581	0.0160	0.0165	ଜଳକର ରହିତ ଏକଫସଲି	ବିଗ୍ରହ ରେଭେନ୍ୟୁ ସ୍ୱା: ବିଚାରଣ ରେଭେନ୍ୟୁ, ଜା: ନିବାସୀ
2096	ବାଲିକୁଦା	118	4582	0.1135	0.1135	ଜଳକର ରହିତ ଏକଫସଲି	ମାଗୁଣି ପ୍ରଧାନ ପି: ଲୋକନାଥ ପ୍ରଧାନ, ଜା: ନିବାସୀ
2097	ବାଲିକୁଦା	226	4583	0.0565	0.0561	ଜଳକର ରହିତ ଏକଫସଲି	ଭାସ୍କର ସ୍ୱାଇଁ ପି: ଗଙ୍ଗାଧର ସ୍ୱାଇଁ, ଜା: ନିବାସୀ
2098	ବାଲିକୁଦା	82	4584P	0.0205	0.0121	ଜଳକର ରହିତ ଏକଫସଲି	ଗୌରହରି ସାହୁ ପି: ବିଶ୍ୱନାଥ ସାହୁ, ଜା: ନିବାସୀ
2099	ବାଲିକୁଦା	468	4585P	0.0445	0.0445	ଜଳକର ରହିତ ଏକଫସଲି	କେଦାରନାଥ ସାହୁ ପି: ଗୋପାଳ ସାହୁ, ଜା: ନିବାସୀ
2100	ବାଲିକୁଦା	57	4591	0.0400	0.0162	ଜଳକର ରହିତ ଏକଫସଲି	ଶାମ୍ଭୁ ସ୍ୱାଇଁ, ଗୀତ ସ୍ୱାଇଁ, ଭ୍ରମର ସ୍ୱାଇଁ, ପି: ଗୋବିନ୍ଦ ସ୍ୱାଇଁ, ଜା: ନିବାସୀ
2101	ବାଲିକୁଦା	146	4592	0.0540	0.0540	ଜଳକର ରହିତ ଏକଫସଲି	ଶ୍ରୀଧର ପ୍ରଧାନ, ପି: ଅନନ୍ତ ପ୍ରଧାନ, ଜା: ନିବାସୀ
2102	ବାଲିକୁଦା	325	4593	0.0545	0.0545	ଜଳକର ରହିତ ଏକଫସଲି	ସୁଦାମ ପ୍ରଧାନ, ପି: ଗଙ୍ଗାଧର ପ୍ରଧାନ, ଜା: ନିବାସୀ
2103	ବାଲିକୁଦା	370	4689P	0.0285	0.1120	ଜଳକର ରହିତ ଏକଫସଲି	ସୁବାସ ପ୍ରଧାନ, ପି: ନରେଶ ପ୍ରଧାନ, ଜା: ନିବାସୀ
2104	ବାଲିକୁଦା	57	4694	0.0290	0.0290	ଜଳକର ରହିତ ଏକଫସଲି	ଶାମ୍ଭୁ ସ୍ୱାଇଁ, ପି: ଗୋବିନ୍ଦ ସ୍ୱାଇଁ, ଜା: ନିବାସୀ
